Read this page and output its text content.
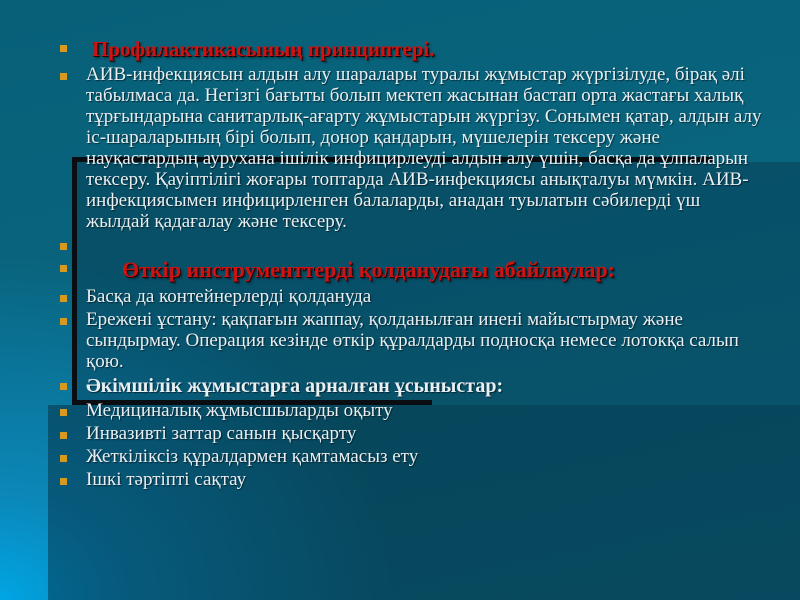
Профилактикасының принциптері.
АИВ-инфекциясын алдын алу шаралары туралы жұмыстар жүргізілуде, бірақ әлі табылмаса да. Негізгі бағыты болып мектеп жасынан бастап орта жастағы халық тұрғындарына санитарлық-ағарту жұмыстарын жүргізу. Сонымен қатар, алдын алу іс-шараларының бірі болып, донор қандарын, мүшелерін тексеру және науқастардың аурухана ішілік инфицирлеуді алдын алу үшін, басқа да ұлпаларын тексеру. Қауіптілігі жоғары топтарда АИВ-инфекциясы анықталуы мүмкін. АИВ-инфекциясымен инфицирленген балаларды, анадан туылатын сәбилерді үш жылдай қадағалау және тексеру.
Өткір инструменттерді қолданудағы абайлаулар:
Басқа да контейнерлерді қолдануда
Ережені ұстану: қақпағын жаппау, қолданылған инені майыстырмау және сындырмау. Операция кезінде өткір құралдарды подносқа немесе лотокқа салып қою.
Әкімшілік жұмыстарға арналған ұсыныстар:
Медициналық жұмысшыларды оқыту
Инвазивті заттар санын қысқарту
Жеткіліксіз құралдармен қамтамасыз ету
Ішкі тәртіпті сақтау
